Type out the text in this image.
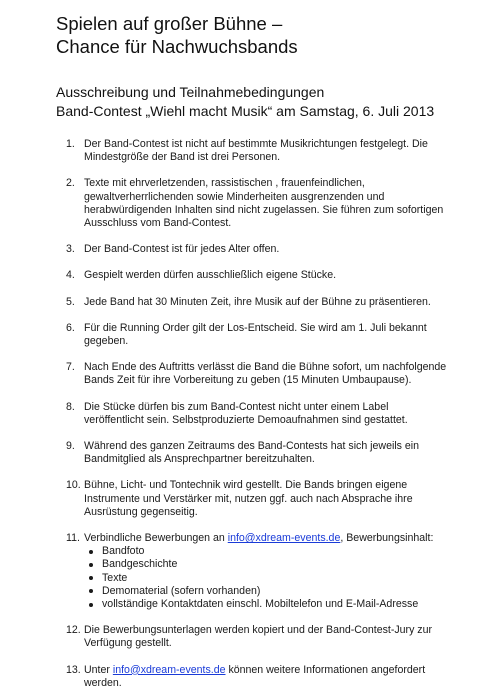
Spielen auf großer Bühne –
Chance für Nachwuchsbands
Ausschreibung und Teilnahmebedingungen
Band-Contest „Wiehl macht Musik“ am Samstag, 6. Juli 2013
1. Der Band-Contest ist nicht auf bestimmte Musikrichtungen festgelegt. Die
Mindestgröße der Band ist drei Personen.
2. Texte mit ehrverletzenden, rassistischen , frauenfeindlichen,
gewaltverherrlichenden sowie Minderheiten ausgrenzenden und
herabwürdigenden Inhalten sind nicht zugelassen. Sie führen zum sofortigen
Ausschluss vom Band-Contest.
3. Der Band-Contest ist für jedes Alter offen.
4. Gespielt werden dürfen ausschließlich eigene Stücke.
5. Jede Band hat 30 Minuten Zeit, ihre Musik auf der Bühne zu präsentieren.
6. Für die Running Order gilt der Los-Entscheid. Sie wird am 1. Juli bekannt
gegeben.
7. Nach Ende des Auftritts verlässt die Band die Bühne sofort, um nachfolgende
Bands Zeit für ihre Vorbereitung zu geben (15 Minuten Umbaupause).
8. Die Stücke dürfen bis zum Band-Contest nicht unter einem Label
veröffentlicht sein. Selbstproduzierte Demoaufnahmen sind gestattet.
9. Während des ganzen Zeitraums des Band-Contests hat sich jeweils ein
Bandmitglied als Ansprechpartner bereitzuhalten.
10. Bühne, Licht- und Tontechnik wird gestellt. Die Bands bringen eigene
Instrumente und Verstärker mit, nutzen ggf. auch nach Absprache ihre
Ausrüstung gegenseitig.
11. Verbindliche Bewerbungen an info@xdream-events.de, Bewerbungsinhalt:
Bandfoto
Bandgeschichte
Texte
Demomaterial (sofern vorhanden)
vollständige Kontaktdaten einschl. Mobiltelefon und E-Mail-Adresse
12. Die Bewerbungsunterlagen werden kopiert und der Band-Contest-Jury zur
Verfügung gestellt.
13. Unter info@xdream-events.de können weitere Informationen angefordert
werden.
